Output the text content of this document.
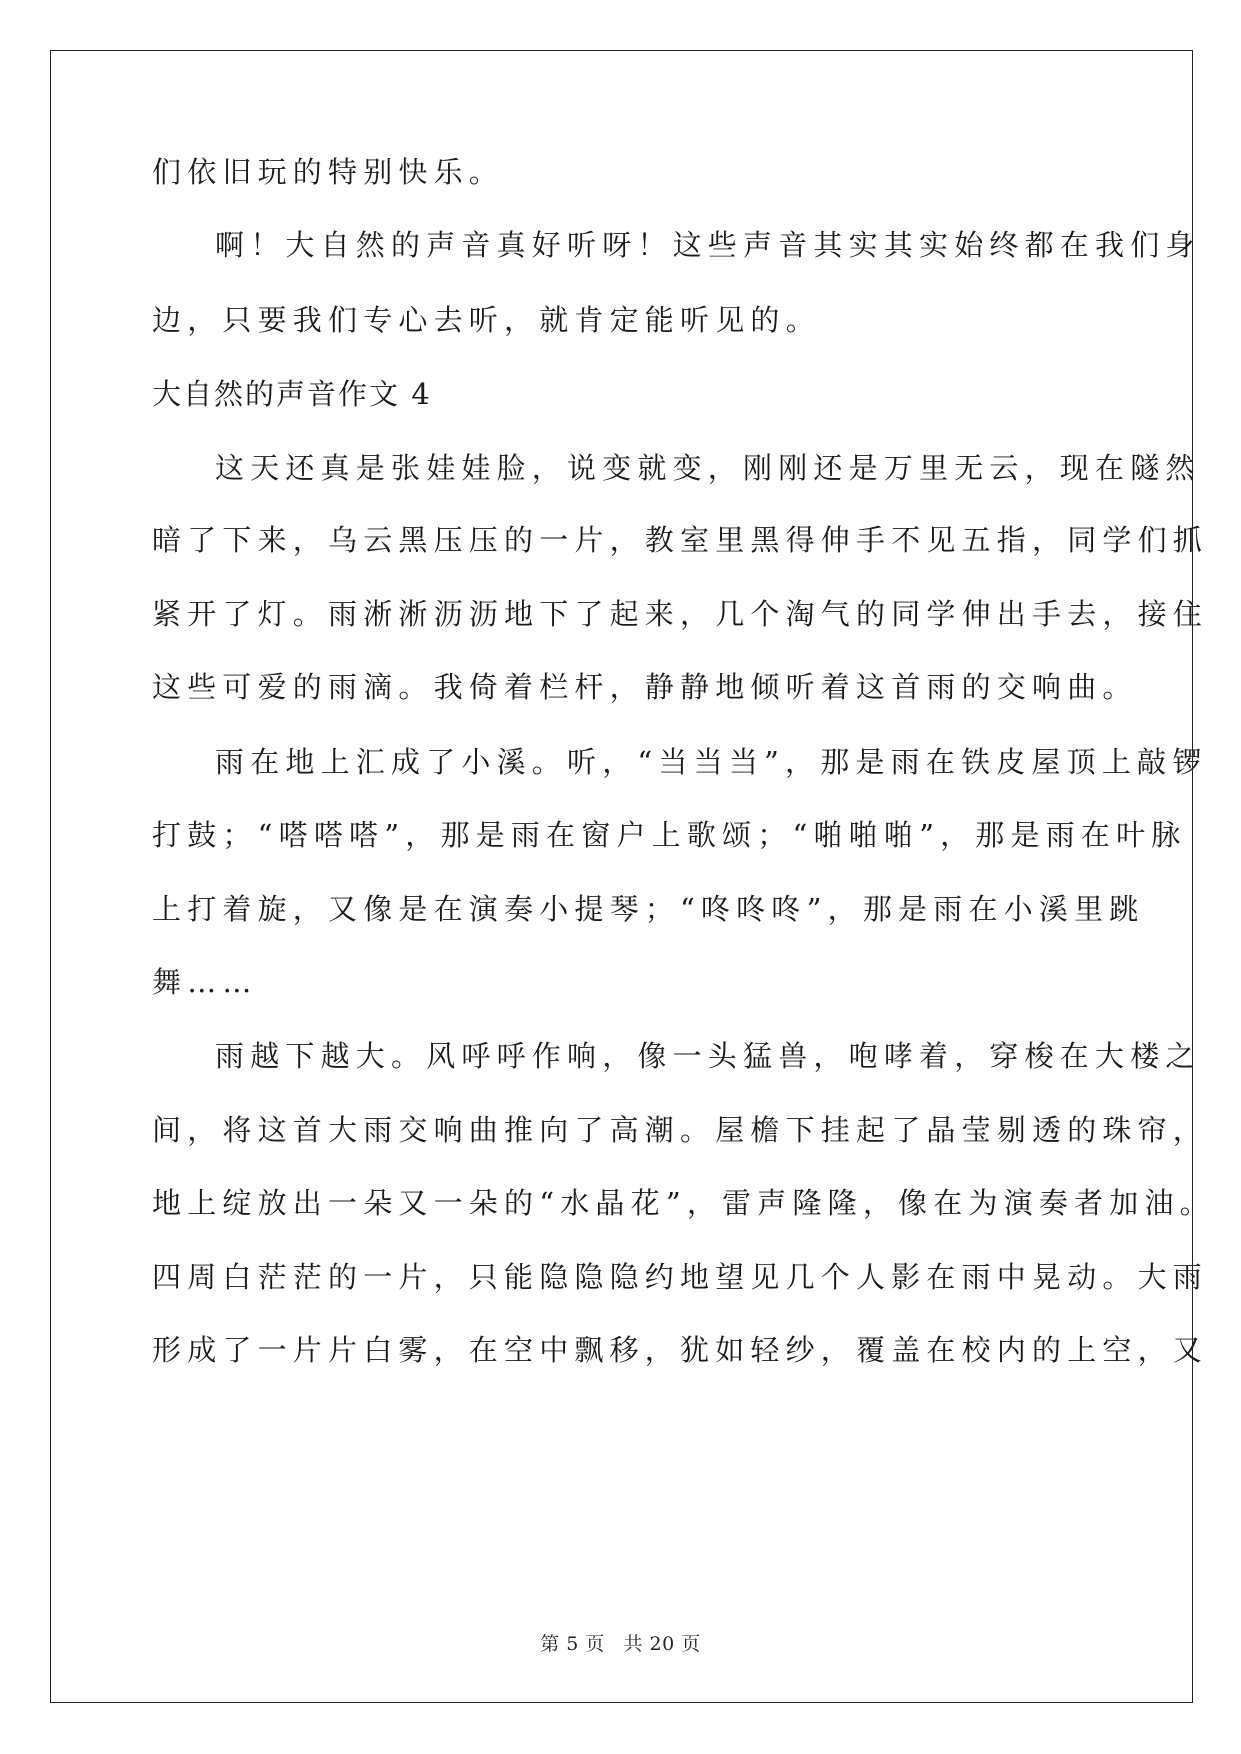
们依旧玩的特别快乐。
啊！大自然的声音真好听呀！这些声音其实其实始终都在我们身
边，只要我们专心去听，就肯定能听见的。
大自然的声音作文 4
这天还真是张娃娃脸，说变就变，刚刚还是万里无云，现在隧然
暗了下来，乌云黑压压的一片，教室里黑得伸手不见五指，同学们抓
紧开了灯。雨淅淅沥沥地下了起来，几个淘气的同学伸出手去，接住
这些可爱的雨滴。我倚着栏杆，静静地倾听着这首雨的交响曲。
雨在地上汇成了小溪。听，“当当当”，那是雨在铁皮屋顶上敲锣
打鼓；“嗒嗒嗒”，那是雨在窗户上歌颂；“啪啪啪”，那是雨在叶脉
上打着旋，又像是在演奏小提琴；“咚咚咚”，那是雨在小溪里跳
舞……
雨越下越大。风呼呼作响，像一头猛兽，咆哮着，穿梭在大楼之
间，将这首大雨交响曲推向了高潮。屋檐下挂起了晶莹剔透的珠帘，
地上绽放出一朵又一朵的“水晶花”，雷声隆隆，像在为演奏者加油。
四周白茫茫的一片，只能隐隐隐约地望见几个人影在雨中晃动。大雨
形成了一片片白雾，在空中飘移，犹如轻纱，覆盖在校内的上空，又
第 5 页 共 20 页
